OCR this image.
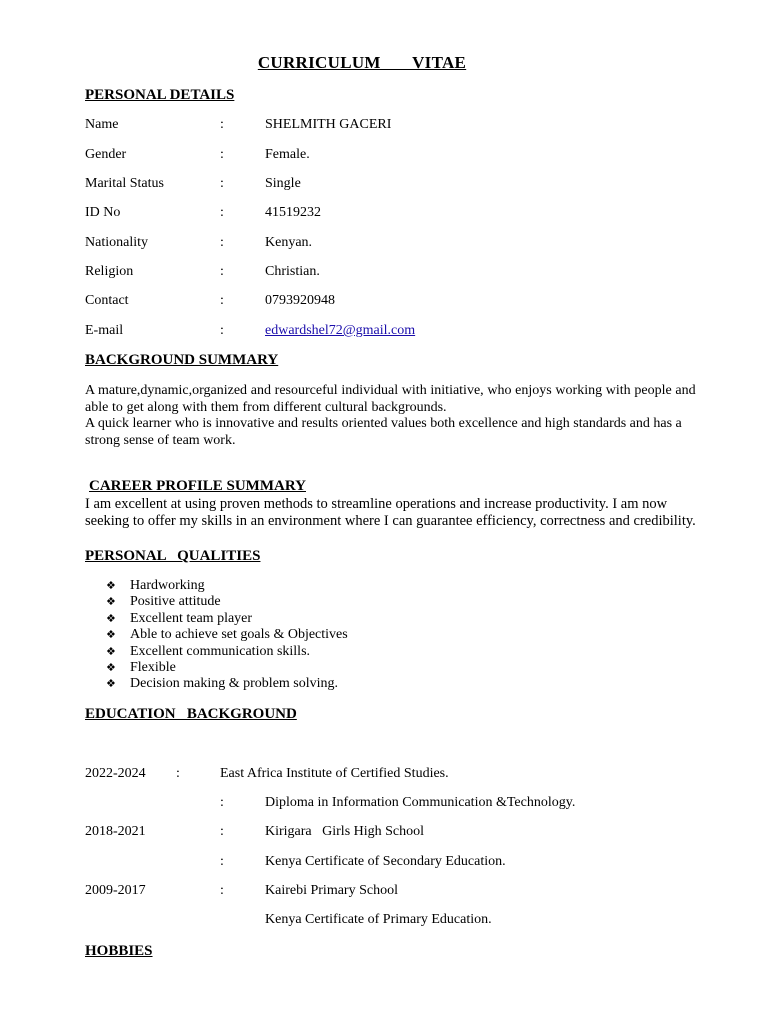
CURRICULUM   VITAE
PERSONAL DETAILS
Name	:	SHELMITH GACERI
Gender	:	Female.
Marital Status	:	Single
ID No	:	41519232
Nationality	:	Kenyan.
Religion	:	Christian.
Contact	:	0793920948
E-mail	:	edwardshel72@gmail.com
BACKGROUND SUMMARY
A mature,dynamic,organized and resourceful individual with initiative, who enjoys working with people and able to get along with them from different cultural backgrounds.
A quick learner who is innovative and results oriented values both excellence and high standards and has a strong sense of team work.
CAREER PROFILE SUMMARY
I am excellent at using proven methods to streamline operations and increase productivity. I am now seeking to offer my skills in an environment where I can guarantee efficiency, correctness and credibility.
PERSONAL   QUALITIES
❖	Hardworking
❖	Positive attitude
❖	Excellent team player
❖	Able to achieve set goals & Objectives
❖	Excellent communication skills.
❖	Flexible
❖	Decision making & problem solving.
EDUCATION   BACKGROUND
2022-2024 :	East Africa Institute of Certified Studies.
:	Diploma in Information Communication &Technology.
2018-2021	:	Kirigara   Girls High School
:	Kenya Certificate of Secondary Education.
2009-2017	:	Kairebi Primary School
Kenya Certificate of Primary Education.
HOBBIES
